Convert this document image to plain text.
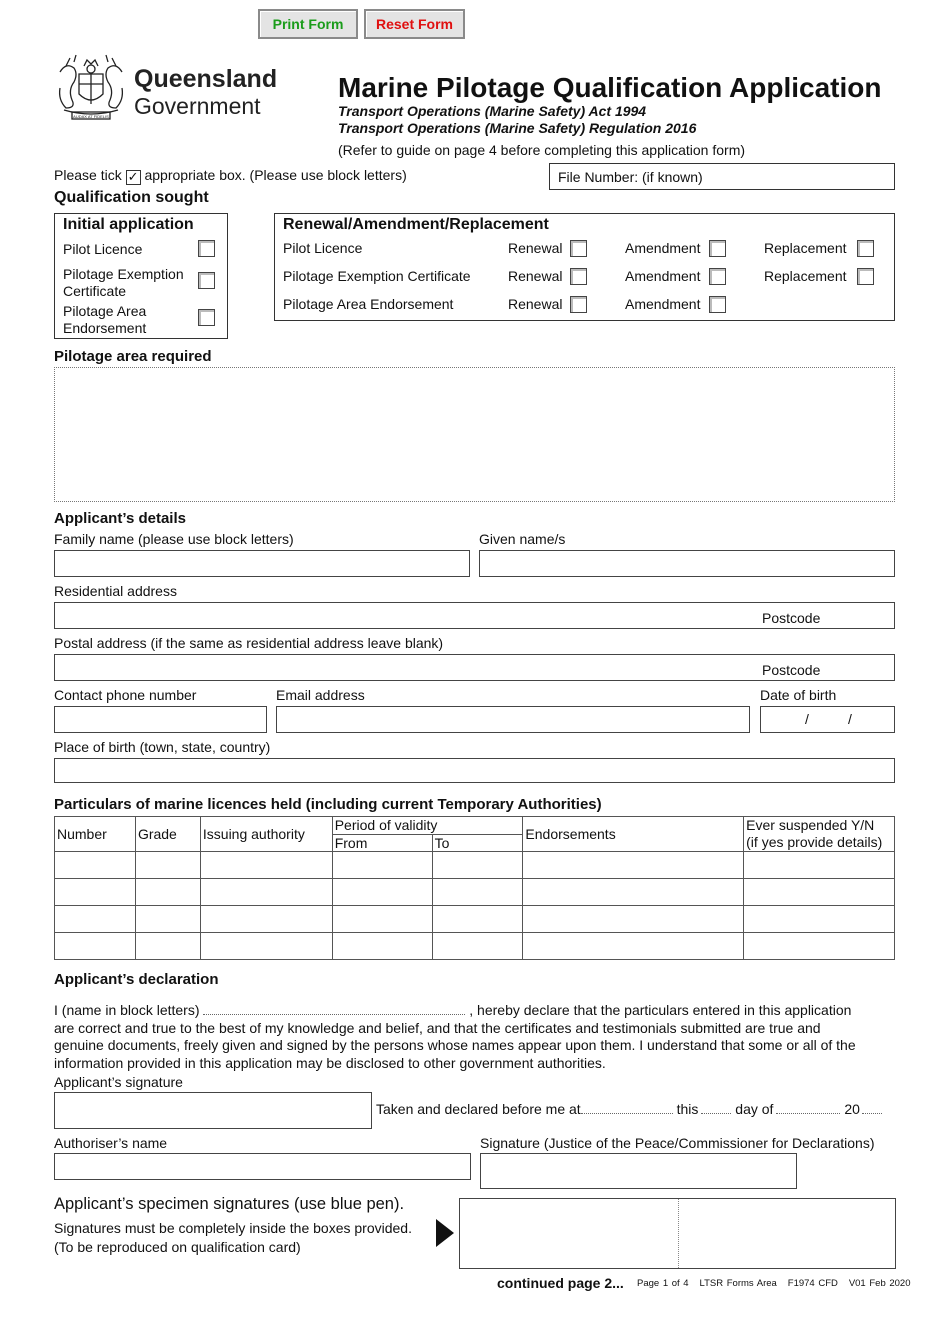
Print Form	Reset Form
AUDAX AT FIDELIS
Queensland
Government
Marine Pilotage Qualification Application
Transport Operations (Marine Safety) Act 1994
Transport Operations (Marine Safety) Regulation 2016
(Refer to guide on page 4 before completing this application form)
Please tick ✓ appropriate box. (Please use block letters)	File Number: (if known)
Qualification sought
Initial application
Pilot Licence
Pilotage Exemption Certificate
Pilotage Area Endorsement
Renewal/Amendment/Replacement
Pilot Licence	Renewal	Amendment	Replacement
Pilotage Exemption Certificate	Renewal	Amendment	Replacement
Pilotage Area Endorsement	Renewal	Amendment
Pilotage area required
Applicant’s details
Family name (please use block letters)	Given name/s
Residential address
Postcode
Postal address (if the same as residential address leave blank)
Postcode
Contact phone number	Email address	Date of birth
/	/
Place of birth (town, state, country)
Particulars of marine licences held (including current Temporary Authorities)
Number	Grade	Issuing authority	Period of validity		Endorsements	Ever suspended Y/N
(if yes provide details)
			From	To		

Applicant’s declaration
I (name in block letters)	, hereby declare that the particulars entered in this application
are correct and true to the best of my knowledge and belief, and that the certificates and testimonials submitted are true and
genuine documents, freely given and signed by the persons whose names appear upon them. I understand that some or all of the
information provided in this application may be disclosed to other government authorities.
Applicant’s signature
Taken and declared before me at	this	day of	20
Authoriser’s name	Signature (Justice of the Peace/Commissioner for Declarations)
Applicant’s specimen signatures (use blue pen).
Signatures must be completely inside the boxes provided.
(To be reproduced on qualification card)
continued page 2... Page 1 of 4 LTSR Forms Area F1974 CFD V01 Feb 2020
